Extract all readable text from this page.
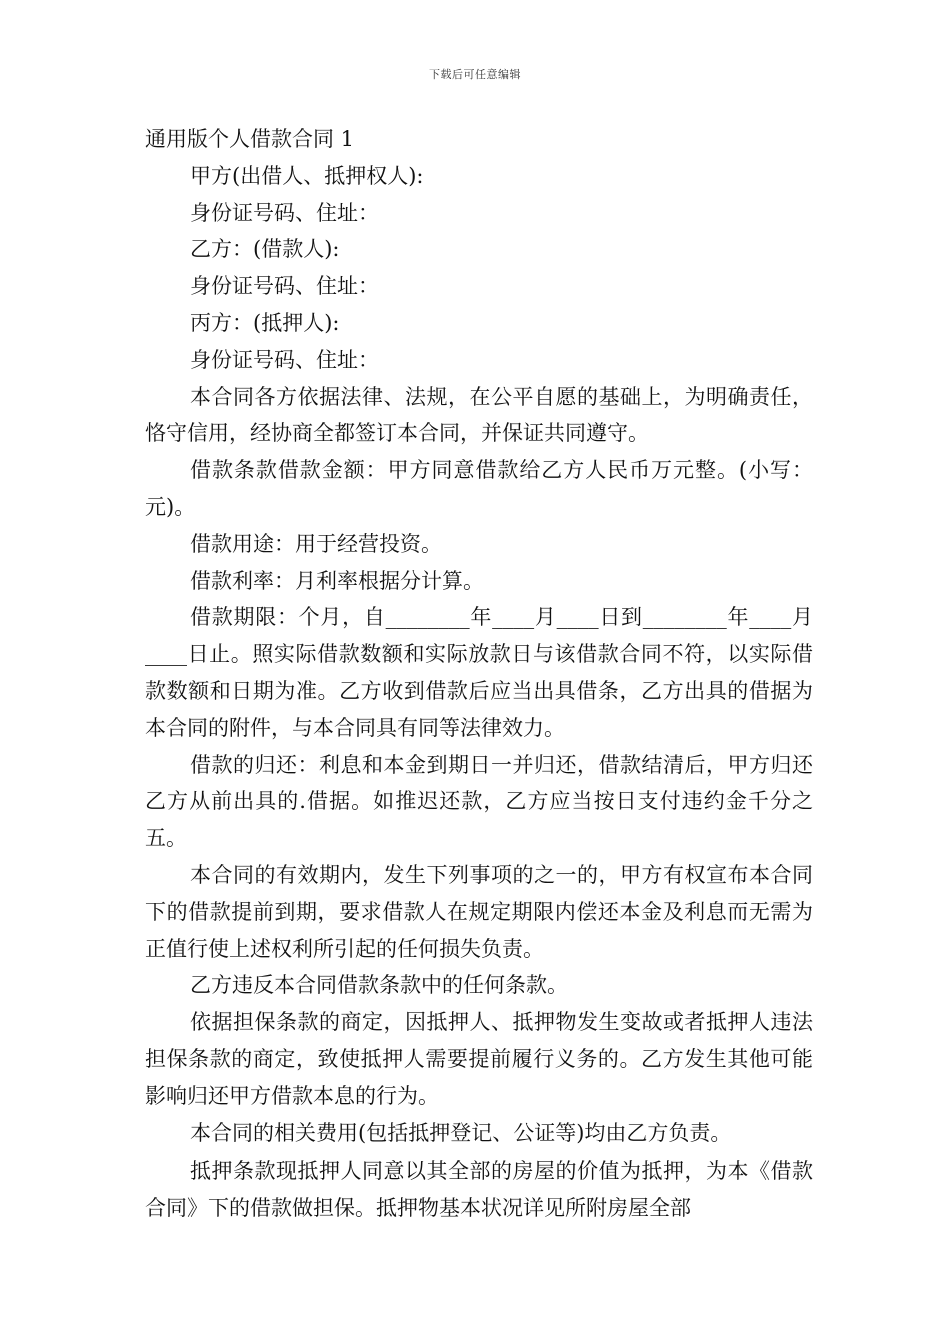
下载后可任意编辑

通用版个人借款合同 1

甲方(出借人、抵押权人):

身份证号码、住址：

乙方：(借款人):

身份证号码、住址：

丙方：(抵押人):

身份证号码、住址：

本合同各方依据法律、法规，在公平自愿的基础上，为明确责任，恪守信用，经协商全都签订本合同，并保证共同遵守。

借款条款借款金额：甲方同意借款给乙方人民币万元整。(小写：元)。

借款用途：用于经营投资。

借款利率：月利率根据分计算。

借款期限：个月，自________年____月____日到________年____月____日止。照实际借款数额和实际放款日与该借款合同不符，以实际借款数额和日期为准。乙方收到借款后应当出具借条，乙方出具的借据为本合同的附件，与本合同具有同等法律效力。

借款的归还：利息和本金到期日一并归还，借款结清后，甲方归还乙方从前出具的.借据。如推迟还款，乙方应当按日支付违约金千分之五。

本合同的有效期内，发生下列事项的之一的，甲方有权宣布本合同下的借款提前到期，要求借款人在规定期限内偿还本金及利息而无需为正值行使上述权利所引起的任何损失负责。

乙方违反本合同借款条款中的任何条款。

依据担保条款的商定，因抵押人、抵押物发生变故或者抵押人违法担保条款的商定，致使抵押人需要提前履行义务的。乙方发生其他可能影响归还甲方借款本息的行为。

本合同的相关费用(包括抵押登记、公证等)均由乙方负责。

抵押条款现抵押人同意以其全部的房屋的价值为抵押，为本《借款合同》下的借款做担保。抵押物基本状况详见所附房屋全部
